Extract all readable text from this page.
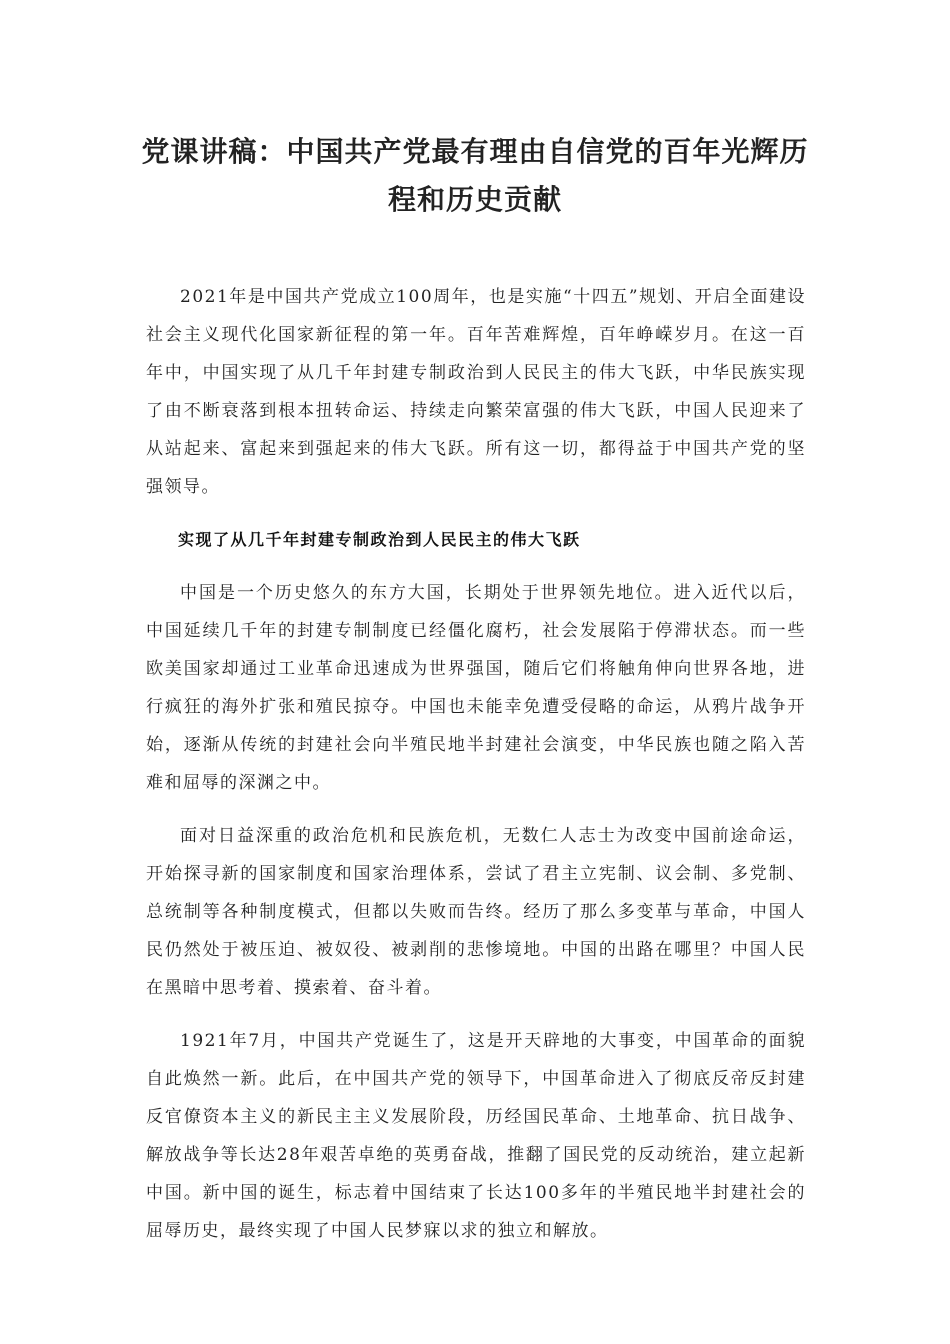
党课讲稿：中国共产党最有理由自信党的百年光辉历程和历史贡献

2021年是中国共产党成立100周年，也是实施“十四五”规划、开启全面建设社会主义现代化国家新征程的第一年。百年苦难辉煌，百年峥嵘岁月。在这一百年中，中国实现了从几千年封建专制政治到人民民主的伟大飞跃，中华民族实现了由不断衰落到根本扭转命运、持续走向繁荣富强的伟大飞跃，中国人民迎来了从站起来、富起来到强起来的伟大飞跃。所有这一切，都得益于中国共产党的坚强领导。

实现了从几千年封建专制政治到人民民主的伟大飞跃

中国是一个历史悠久的东方大国，长期处于世界领先地位。进入近代以后，中国延续几千年的封建专制制度已经僵化腐朽，社会发展陷于停滞状态。而一些欧美国家却通过工业革命迅速成为世界强国，随后它们将触角伸向世界各地，进行疯狂的海外扩张和殖民掠夺。中国也未能幸免遭受侵略的命运，从鸦片战争开始，逐渐从传统的封建社会向半殖民地半封建社会演变，中华民族也随之陷入苦难和屈辱的深渊之中。

面对日益深重的政治危机和民族危机，无数仁人志士为改变中国前途命运，开始探寻新的国家制度和国家治理体系，尝试了君主立宪制、议会制、多党制、总统制等各种制度模式，但都以失败而告终。经历了那么多变革与革命，中国人民仍然处于被压迫、被奴役、被剥削的悲惨境地。中国的出路在哪里？中国人民在黑暗中思考着、摸索着、奋斗着。

1921年7月，中国共产党诞生了，这是开天辟地的大事变，中国革命的面貌自此焕然一新。此后，在中国共产党的领导下，中国革命进入了彻底反帝反封建反官僚资本主义的新民主主义发展阶段，历经国民革命、土地革命、抗日战争、解放战争等长达28年艰苦卓绝的英勇奋战，推翻了国民党的反动统治，建立起新中国。新中国的诞生，标志着中国结束了长达100多年的半殖民地半封建社会的屈辱历史，最终实现了中国人民梦寐以求的独立和解放。
